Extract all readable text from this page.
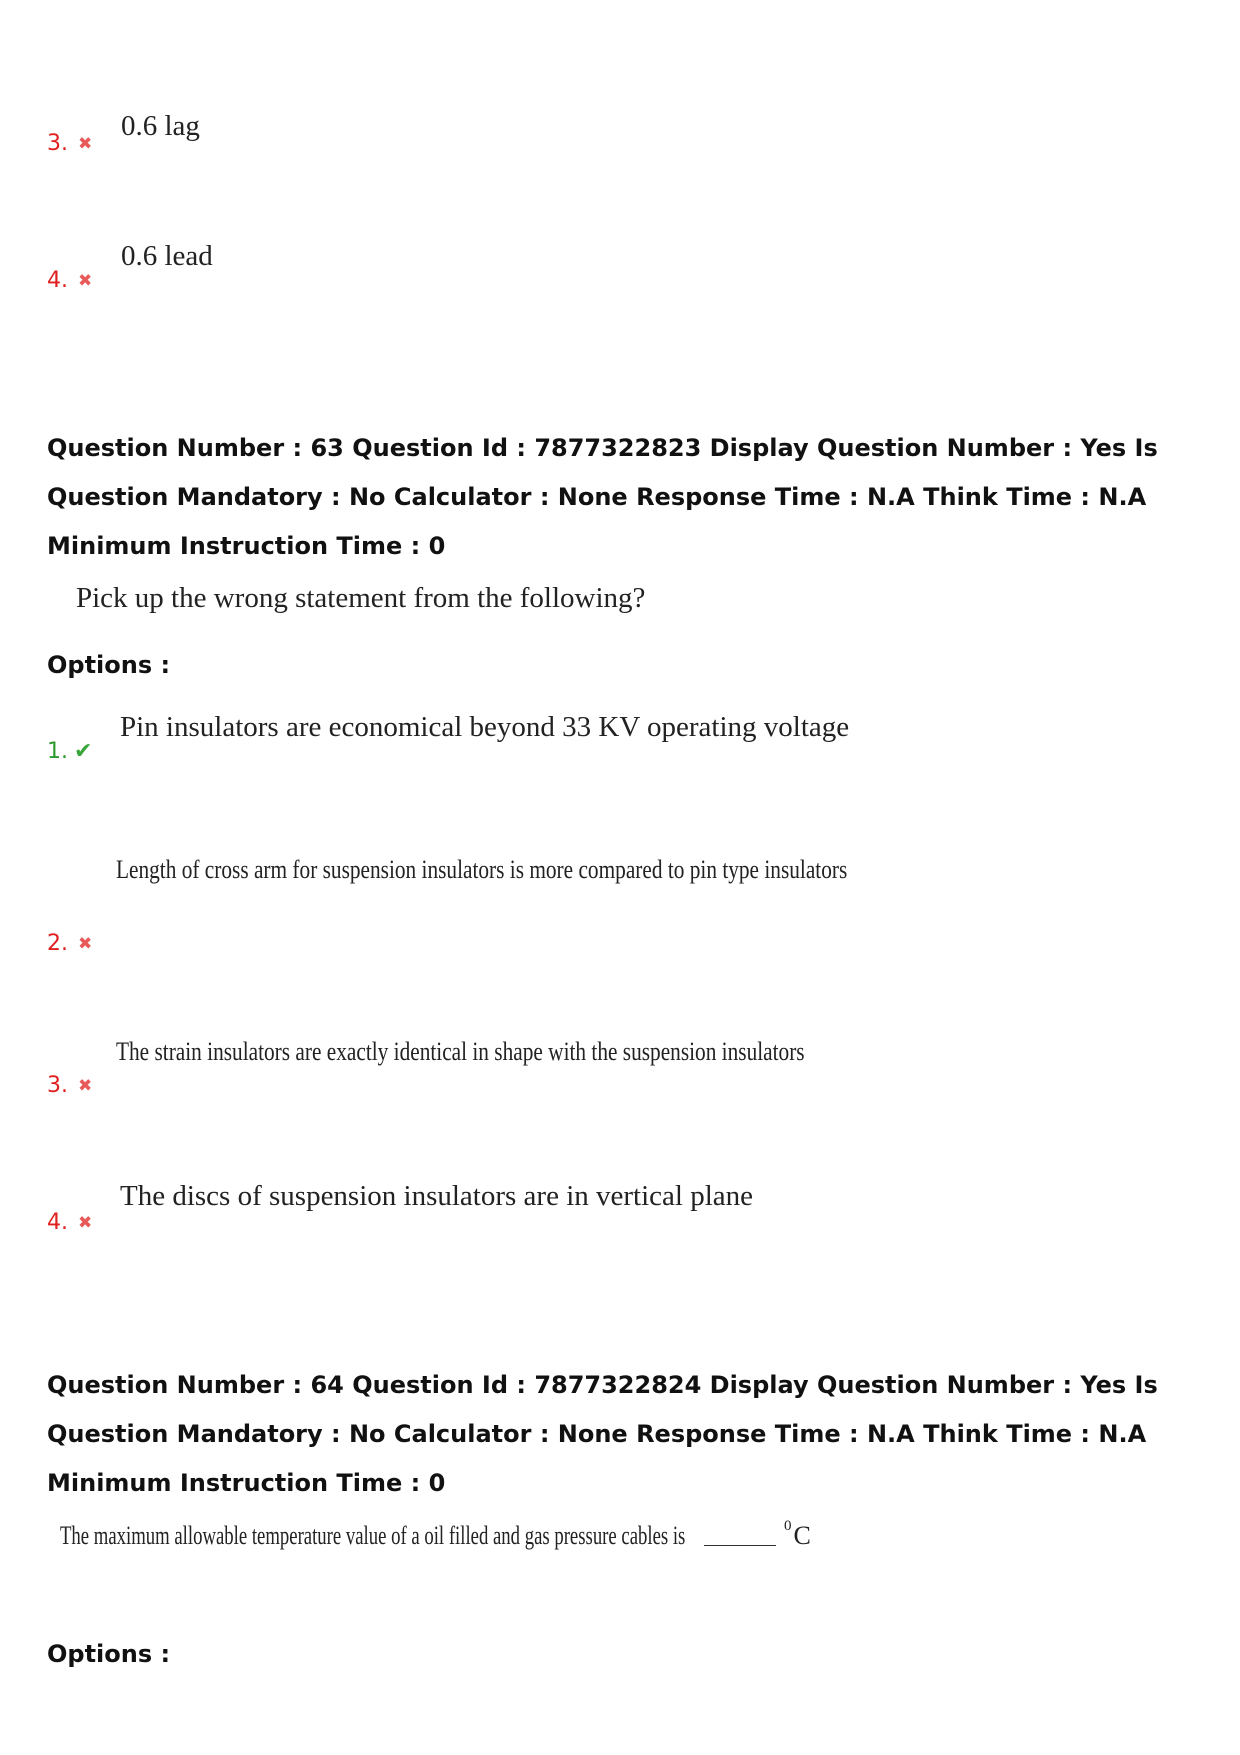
3. ✖
0.6 lag
4. ✖
0.6 lead
Question Number : 63 Question Id : 7877322823 Display Question Number : Yes Is Question Mandatory : No Calculator : None Response Time : N.A Think Time : N.A Minimum Instruction Time : 0
Pick up the wrong statement from the following?
Options :
1. ✔
Pin insulators are economical beyond 33 KV operating voltage
Length of cross arm for suspension insulators is more compared to pin type insulators
2. ✖
The strain insulators are exactly identical in shape with the suspension insulators
3. ✖
The discs of suspension insulators are in vertical plane
4. ✖
Question Number : 64 Question Id : 7877322824 Display Question Number : Yes Is Question Mandatory : No Calculator : None Response Time : N.A Think Time : N.A Minimum Instruction Time : 0
The maximum allowable temperature value of a oil filled and gas pressure cables is	0C
Options :
